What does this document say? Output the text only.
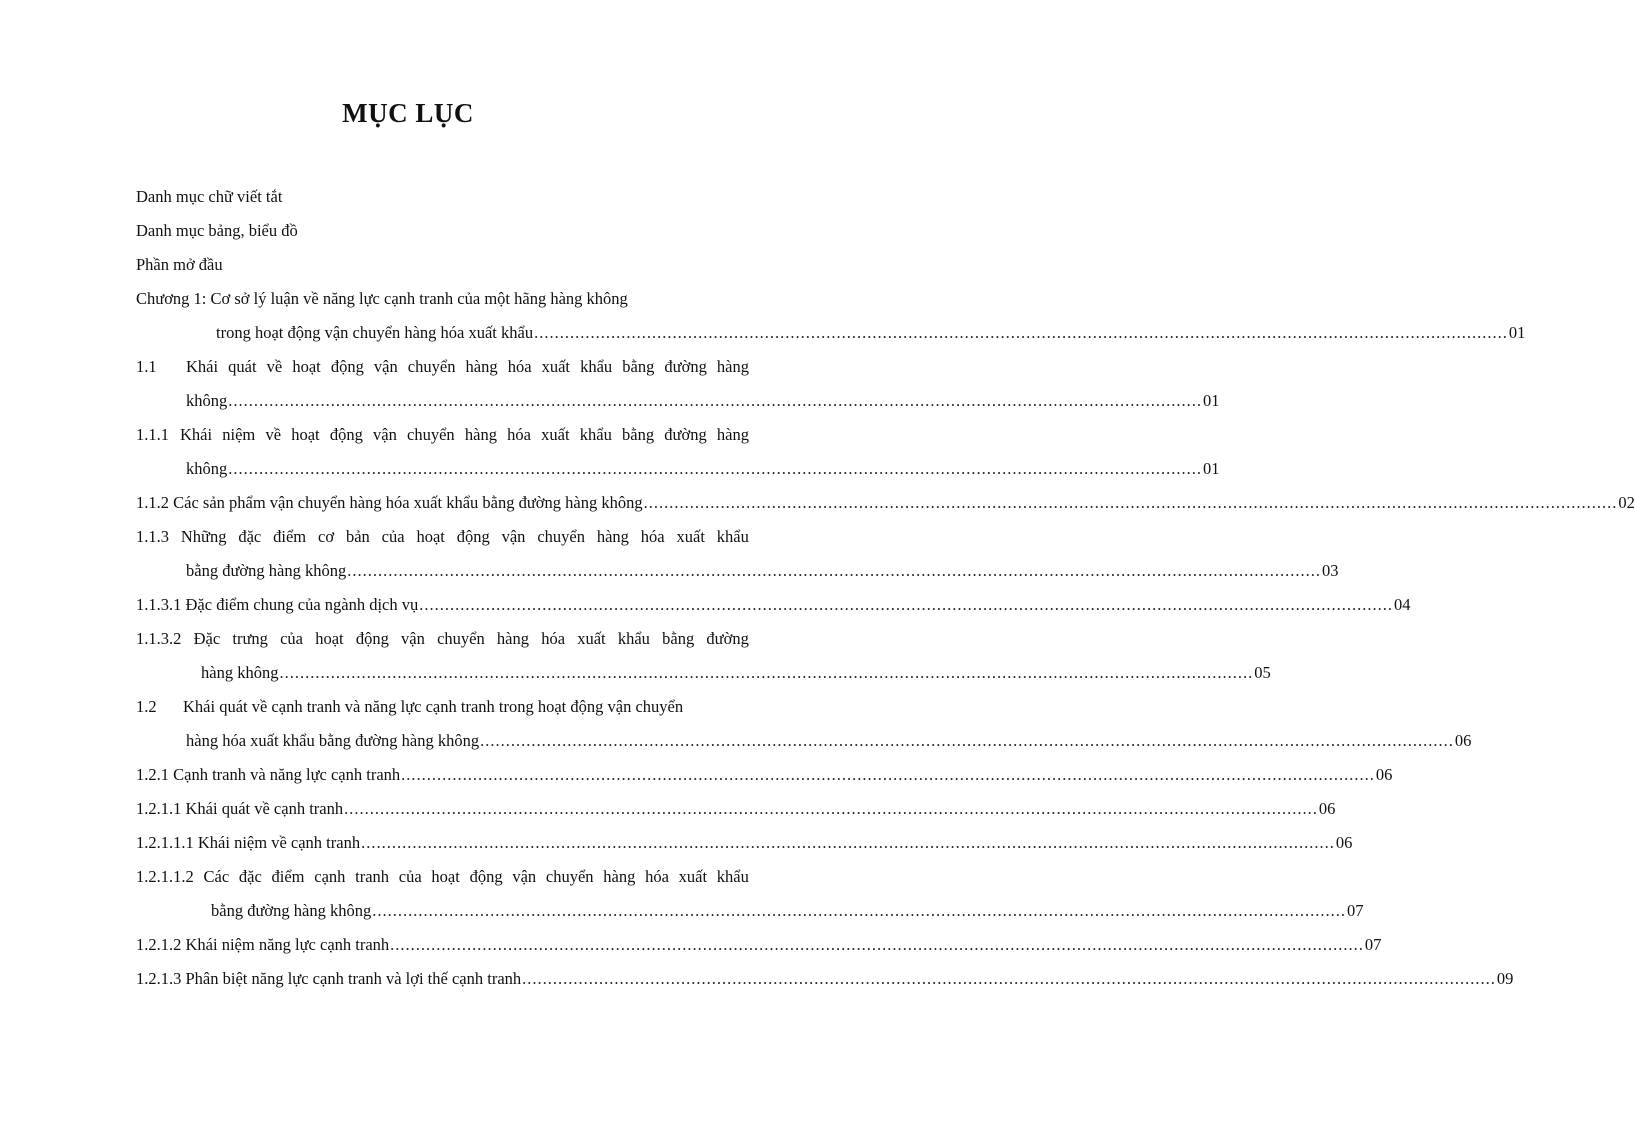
MỤC LỤC
Danh mục chữ viết tắt
Danh mục bảng, biểu đồ
Phần mở đầu
Chương 1: Cơ sở lý luận về năng lực cạnh tranh của một hãng hàng không
trong hoạt động vận chuyển hàng hóa xuất khẩu .............................................................................................................................................................................................. 01
1.1 Khái quát về hoạt động vận chuyển hàng hóa xuất khẩu bằng đường hàng
không .............................................................................................................................................................................................. 01
1.1.1 Khái niệm về hoạt động vận chuyển hàng hóa xuất khẩu bằng đường hàng
không .............................................................................................................................................................................................. 01
1.1.2 Các sản phẩm vận chuyển hàng hóa xuất khẩu bằng đường hàng không .............................................................................................................................................................................................. 02
1.1.3 Những đặc điểm cơ bản của hoạt động vận chuyển hàng hóa xuất khẩu
bằng đường hàng không .............................................................................................................................................................................................. 03
1.1.3.1 Đặc điểm chung của ngành dịch vụ .............................................................................................................................................................................................. 04
1.1.3.2 Đặc trưng của hoạt động vận chuyển hàng hóa xuất khẩu bằng đường
hàng không .............................................................................................................................................................................................. 05
1.2 Khái quát về cạnh tranh và năng lực cạnh tranh trong hoạt động vận chuyển
hàng hóa xuất khẩu bằng đường hàng không .............................................................................................................................................................................................. 06
1.2.1 Cạnh tranh và năng lực cạnh tranh .............................................................................................................................................................................................. 06
1.2.1.1 Khái quát về cạnh tranh .............................................................................................................................................................................................. 06
1.2.1.1.1 Khái niệm về cạnh tranh .............................................................................................................................................................................................. 06
1.2.1.1.2 Các đặc điểm cạnh tranh của hoạt động vận chuyển hàng hóa xuất khẩu
bằng đường hàng không .............................................................................................................................................................................................. 07
1.2.1.2 Khái niệm năng lực cạnh tranh .............................................................................................................................................................................................. 07
1.2.1.3 Phân biệt năng lực cạnh tranh và lợi thế cạnh tranh .............................................................................................................................................................................................. 09
